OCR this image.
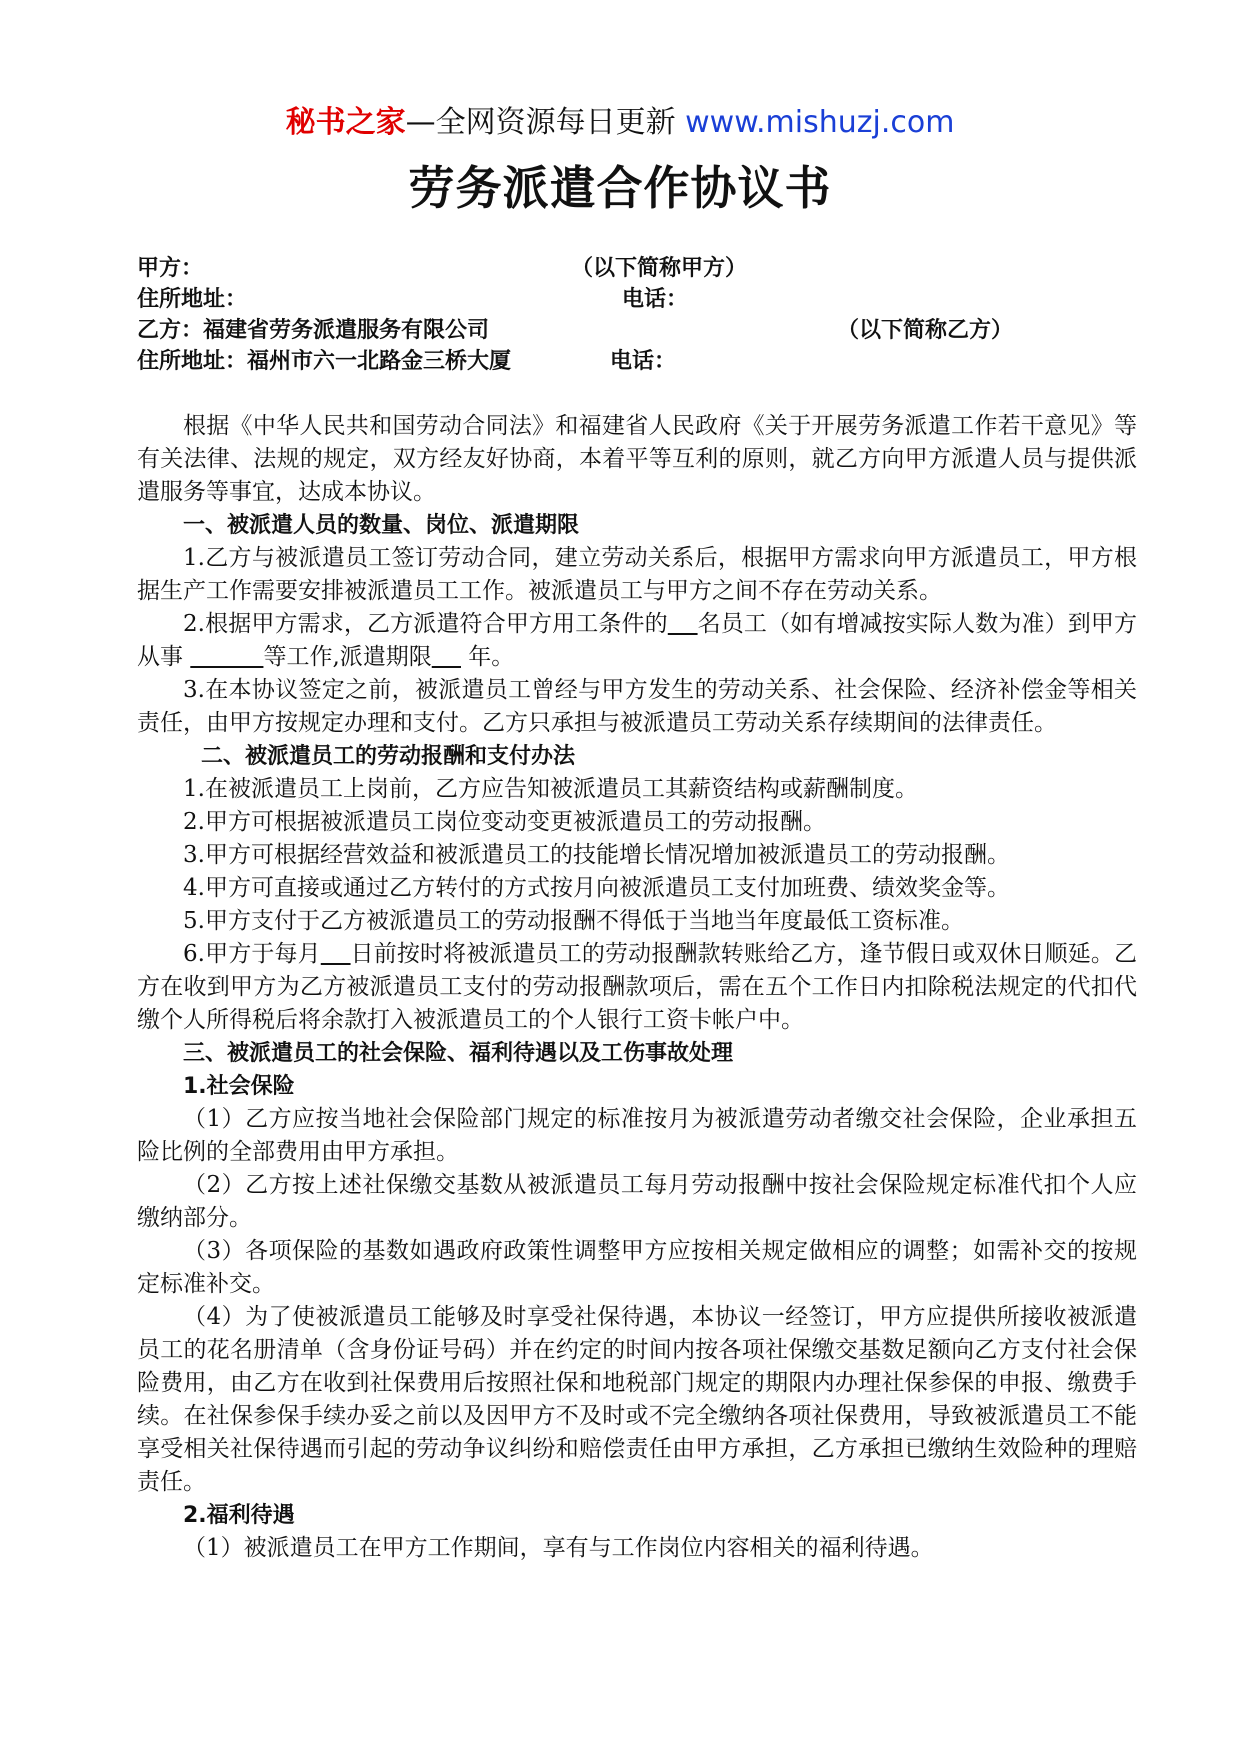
秘书之家—全网资源每日更新 www.mishuzj.com
劳务派遣合作协议书
甲方：	（以下简称甲方）
住所地址：	电话：
乙方：福建省劳务派遣服务有限公司	（以下简称乙方）
住所地址：福州市六一北路金三桥大厦	电话：

根据《中华人民共和国劳动合同法》和福建省人民政府《关于开展劳务派遣工作若干意见》等有关法律、法规的规定，双方经友好协商，本着平等互利的原则，就乙方向甲方派遣人员与提供派遣服务等事宜，达成本协议。

一、被派遣人员的数量、岗位、派遣期限

1.乙方与被派遣员工签订劳动合同，建立劳动关系后，根据甲方需求向甲方派遣员工，甲方根据生产工作需要安排被派遣员工工作。被派遣员工与甲方之间不存在劳动关系。

2.根据甲方需求，乙方派遣符合甲方用工条件的 名员工（如有增减按实际人数为准）到甲方从事	等工作,派遣期限     年。

3.在本协议签定之前，被派遣员工曾经与甲方发生的劳动关系、社会保险、经济补偿金等相关责任，由甲方按规定办理和支付。乙方只承担与被派遣员工劳动关系存续期间的法律责任。

二、被派遣员工的劳动报酬和支付办法

1.在被派遣员工上岗前，乙方应告知被派遣员工其薪资结构或薪酬制度。

2.甲方可根据被派遣员工岗位变动变更被派遣员工的劳动报酬。

3.甲方可根据经营效益和被派遣员工的技能增长情况增加被派遣员工的劳动报酬。

4.甲方可直接或通过乙方转付的方式按月向被派遣员工支付加班费、绩效奖金等。

5.甲方支付于乙方被派遣员工的劳动报酬不得低于当地当年度最低工资标准。

6.甲方于每月 日前按时将被派遣员工的劳动报酬款转账给乙方，逢节假日或双休日顺延。乙方在收到甲方为乙方被派遣员工支付的劳动报酬款项后，需在五个工作日内扣除税法规定的代扣代缴个人所得税后将余款打入被派遣员工的个人银行工资卡帐户中。

三、被派遣员工的社会保险、福利待遇以及工伤事故处理

1.社会保险

（1）乙方应按当地社会保险部门规定的标准按月为被派遣劳动者缴交社会保险，企业承担五险比例的全部费用由甲方承担。

（2）乙方按上述社保缴交基数从被派遣员工每月劳动报酬中按社会保险规定标准代扣个人应缴纳部分。

（3）各项保险的基数如遇政府政策性调整甲方应按相关规定做相应的调整；如需补交的按规定标准补交。

（4）为了使被派遣员工能够及时享受社保待遇，本协议一经签订，甲方应提供所接收被派遣员工的花名册清单（含身份证号码）并在约定的时间内按各项社保缴交基数足额向乙方支付社会保险费用，由乙方在收到社保费用后按照社保和地税部门规定的期限内办理社保参保的申报、缴费手续。在社保参保手续办妥之前以及因甲方不及时或不完全缴纳各项社保费用，导致被派遣员工不能享受相关社保待遇而引起的劳动争议纠纷和赔偿责任由甲方承担，乙方承担已缴纳生效险种的理赔责任。

2.福利待遇

（1）被派遣员工在甲方工作期间，享有与工作岗位内容相关的福利待遇。
